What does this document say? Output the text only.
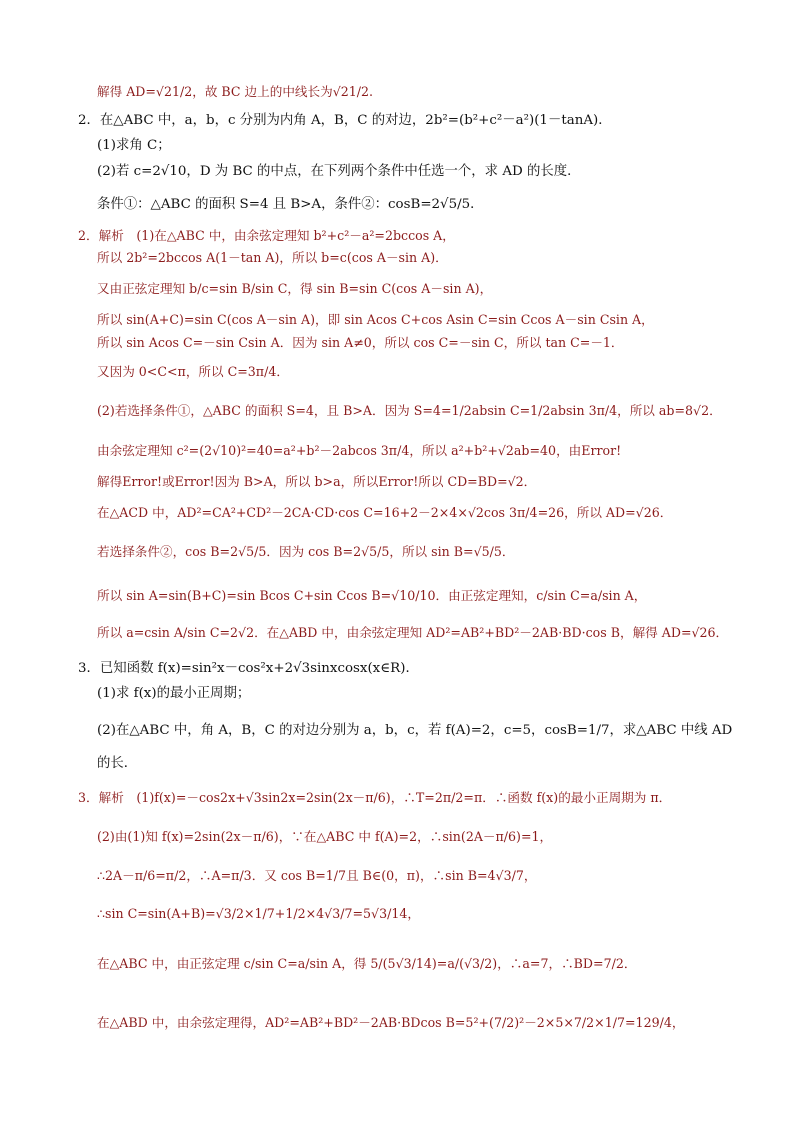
解得 AD=√21/2，故 BC 边上的中线长为√21/2.
2．在△ABC 中，a，b，c 分别为内角 A，B，C 的对边，2b²=(b²+c²－a²)(1－tanA)．
(1)求角 C；
(2)若 c=2√10，D 为 BC 的中点，在下列两个条件中任选一个，求 AD 的长度．
条件①：△ABC 的面积 S=4 且 B>A，条件②：cosB=2√5/5．
2．解析　(1)在△ABC 中，由余弦定理知 b²+c²－a²=2bccos A，
所以 2b²=2bccos A(1－tan A)，所以 b=c(cos A－sin A)．
又由正弦定理知 b/c=sin B/sin C，得 sin B=sin C(cos A－sin A)，
所以 sin(A+C)=sin C(cos A－sin A)，即 sin Acos C+cos Asin C=sin Ccos A－sin Csin A，
所以 sin Acos C=－sin Csin A．因为 sin A≠0，所以 cos C=－sin C，所以 tan C=－1．
又因为 0<C<π，所以 C=3π/4．
(2)若选择条件①，△ABC 的面积 S=4，且 B>A．因为 S=4=1/2absin C=1/2absin 3π/4，所以 ab=8√2．
由余弦定理知 c²=(2√10)²=40=a²+b²－2abcos 3π/4，所以 a²+b²+√2ab=40，由Error!
解得Error!或Error!因为 B>A，所以 b>a，所以Error!所以 CD=BD=√2．
在△ACD 中，AD²=CA²+CD²－2CA·CD·cos C=16+2－2×4×√2cos 3π/4=26，所以 AD=√26．
若选择条件②，cos B=2√5/5．因为 cos B=2√5/5，所以 sin B=√5/5．
所以 sin A=sin(B+C)=sin Bcos C+sin Ccos B=√10/10．由正弦定理知，c/sin C=a/sin A，
所以 a=csin A/sin C=2√2．在△ABD 中，由余弦定理知 AD²=AB²+BD²－2AB·BD·cos B，解得 AD=√26．
3．已知函数 f(x)=sin²x－cos²x+2√3sinxcosx(x∈R)．
(1)求 f(x)的最小正周期；
(2)在△ABC 中，角 A，B，C 的对边分别为 a，b，c，若 f(A)=2，c=5，cosB=1/7，求△ABC 中线 AD
的长．
3．解析　(1)f(x)=－cos2x+√3sin2x=2sin(2x－π/6)，∴T=2π/2=π．∴函数 f(x)的最小正周期为 π．
(2)由(1)知 f(x)=2sin(2x－π/6)，∵在△ABC 中 f(A)=2，∴sin(2A－π/6)=1，
∴2A－π/6=π/2，∴A=π/3．又 cos B=1/7且 B∈(0，π)，∴sin B=4√3/7，
∴sin C=sin(A+B)=√3/2×1/7+1/2×4√3/7=5√3/14，
在△ABC 中，由正弦定理 c/sin C=a/sin A，得 5/(5√3/14)=a/(√3/2)，∴a=7，∴BD=7/2．
在△ABD 中，由余弦定理得，AD²=AB²+BD²－2AB·BDcos B=5²+(7/2)²－2×5×7/2×1/7=129/4，
